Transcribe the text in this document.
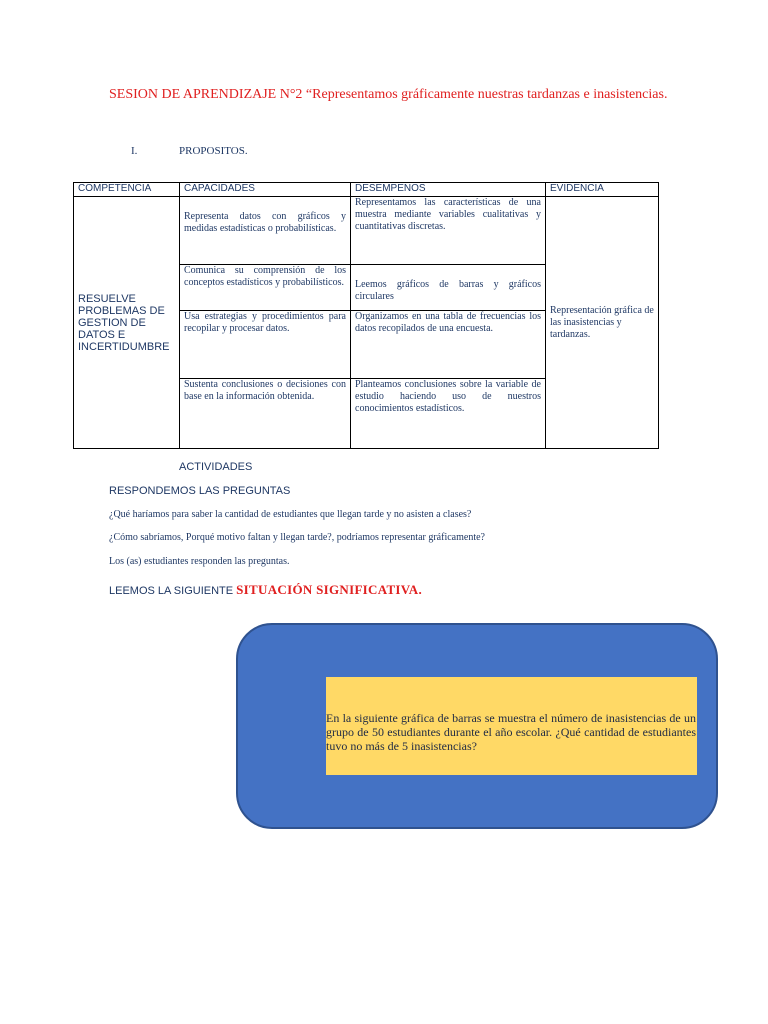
SESION DE APRENDIZAJE N°2 “Representamos gráficamente nuestras tardanzas e inasistencias.
I.	PROPOSITOS.
COMPETENCIA	CAPACIDADES	DESEMPENOS	EVIDENCIA
RESUELVE PROBLEMAS DE GESTION DE DATOS E INCERTIDUMBRE	Representa datos con gráficos y medidas estadísticas o probabilísticas.	Representamos las características de una muestra mediante variables cualitativas y cuantitativas discretas.	Representación gráfica de las inasistencias y tardanzas.

	Comunica su comprensión de los conceptos estadísticos y probabilísticos.	Leemos gráficos de barras y gráficos circulares	

	Usa estrategias y procedimientos para recopilar y procesar datos.	Organizamos en una tabla de frecuencias los datos recopilados de una encuesta.	

	Sustenta conclusiones o decisiones con base en la información obtenida.	Planteamos conclusiones sobre la variable de estudio haciendo uso de nuestros conocimientos estadísticos.	
ACTIVIDADES
RESPONDEMOS LAS PREGUNTAS
¿Qué haríamos para saber la cantidad de estudiantes que llegan tarde y no asisten a clases?
¿Cómo sabríamos, Porqué motivo faltan y llegan tarde?, podríamos representar gráficamente?
Los (as) estudiantes responden las preguntas.
LEEMOS LA SIGUIENTE SITUACIÓN SIGNIFICATIVA.
En la siguiente gráfica de barras se muestra el número de inasistencias de un grupo de 50 estudiantes durante el año escolar. ¿Qué cantidad de estudiantes tuvo no más de 5 inasistencias?
